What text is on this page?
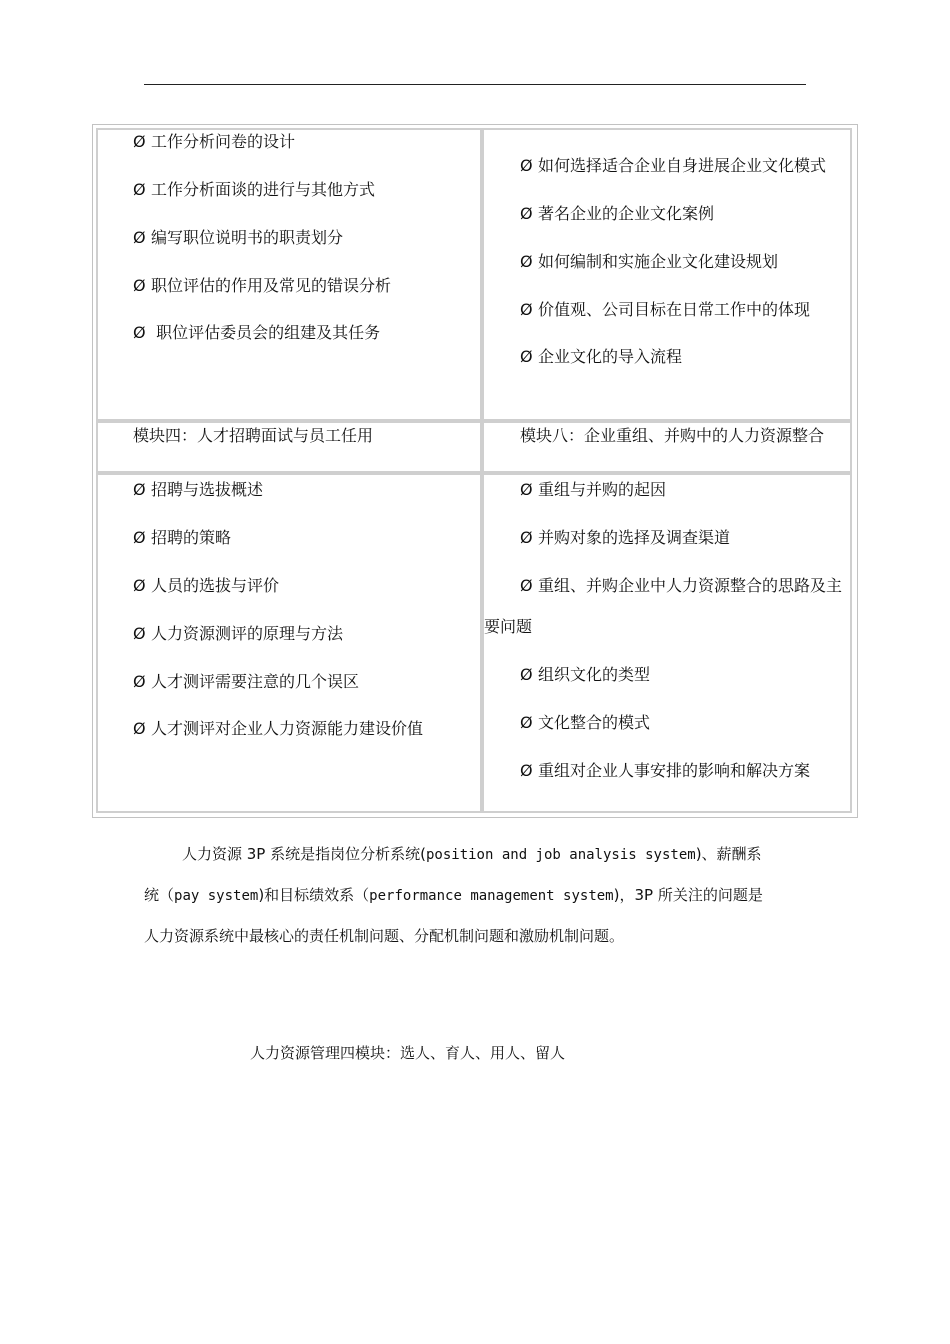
Ø 工作分析问卷的设计
Ø 工作分析面谈的进行与其他方式
Ø 编写职位说明书的职责划分
Ø 职位评估的作用及常见的错误分析
Ø 职位评估委员会的组建及其任务
Ø 如何选择适合企业自身进展企业文化模式
Ø 著名企业的企业文化案例
Ø 如何编制和实施企业文化建设规划
Ø 价值观、公司目标在日常工作中的体现
Ø 企业文化的导入流程
模块四：人才招聘面试与员工任用	模块八：企业重组、并购中的人力资源整合
Ø 招聘与选拔概述
Ø 招聘的策略
Ø 人员的选拔与评价
Ø 人力资源测评的原理与方法
Ø 人才测评需要注意的几个误区
Ø 人才测评对企业人力资源能力建设价值
Ø 重组与并购的起因
Ø 并购对象的选择及调查渠道
Ø 重组、并购企业中人力资源整合的思路及主
要问题
Ø 组织文化的类型
Ø 文化整合的模式
Ø 重组对企业人事安排的影响和解决方案
人力资源 3P 系统是指岗位分析系统(position and job analysis system)、薪酬系
统（pay system)和目标绩效系（performance management system)，3P 所关注的问题是
人力资源系统中最核心的责任机制问题、分配机制问题和激励机制问题。
人力资源管理四模块：选人、育人、用人、留人
